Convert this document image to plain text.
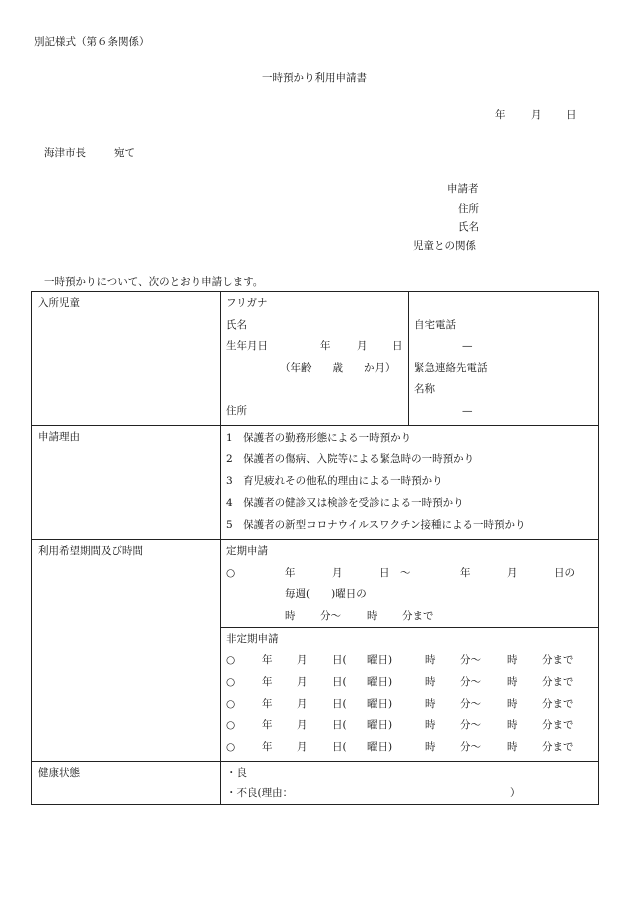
別記様式（第６条関係）
一時預かり利用申請書
年 月 日
海津市長	宛て
申請者
住所
氏名
児童との関係
一時預かりについて、次のとおり申請します。
入所児童	フリガナ
氏名
生年月日	年	月 日
（年齢　　歳　　か月）
住所
自宅電話
—
緊急連絡先電話
名称
—
申請理由	1　保護者の勤務形態による一時預かり
2　保護者の傷病、入院等による緊急時の一時預かり
3　育児疲れその他私的理由による一時預かり
4　保護者の健診又は検診を受診による一時預かり
5　保護者の新型コロナウイルスワクチン接種による一時預かり
利用希望期間及び時間	定期申請
○	年	月	日　～	年	月	日の
毎週(　　)曜日の
時 分～ 時 分まで
非定期申請
○	年 月 日( 曜日)	時 分～ 時 分まで
○	年 月 日( 曜日)	時 分～ 時 分まで
○	年 月 日( 曜日)	時 分～ 時 分まで
○	年 月 日( 曜日)	時 分～ 時 分まで
○	年 月 日( 曜日)	時 分～ 時 分まで
健康状態	・良
・不良(理由：	）
